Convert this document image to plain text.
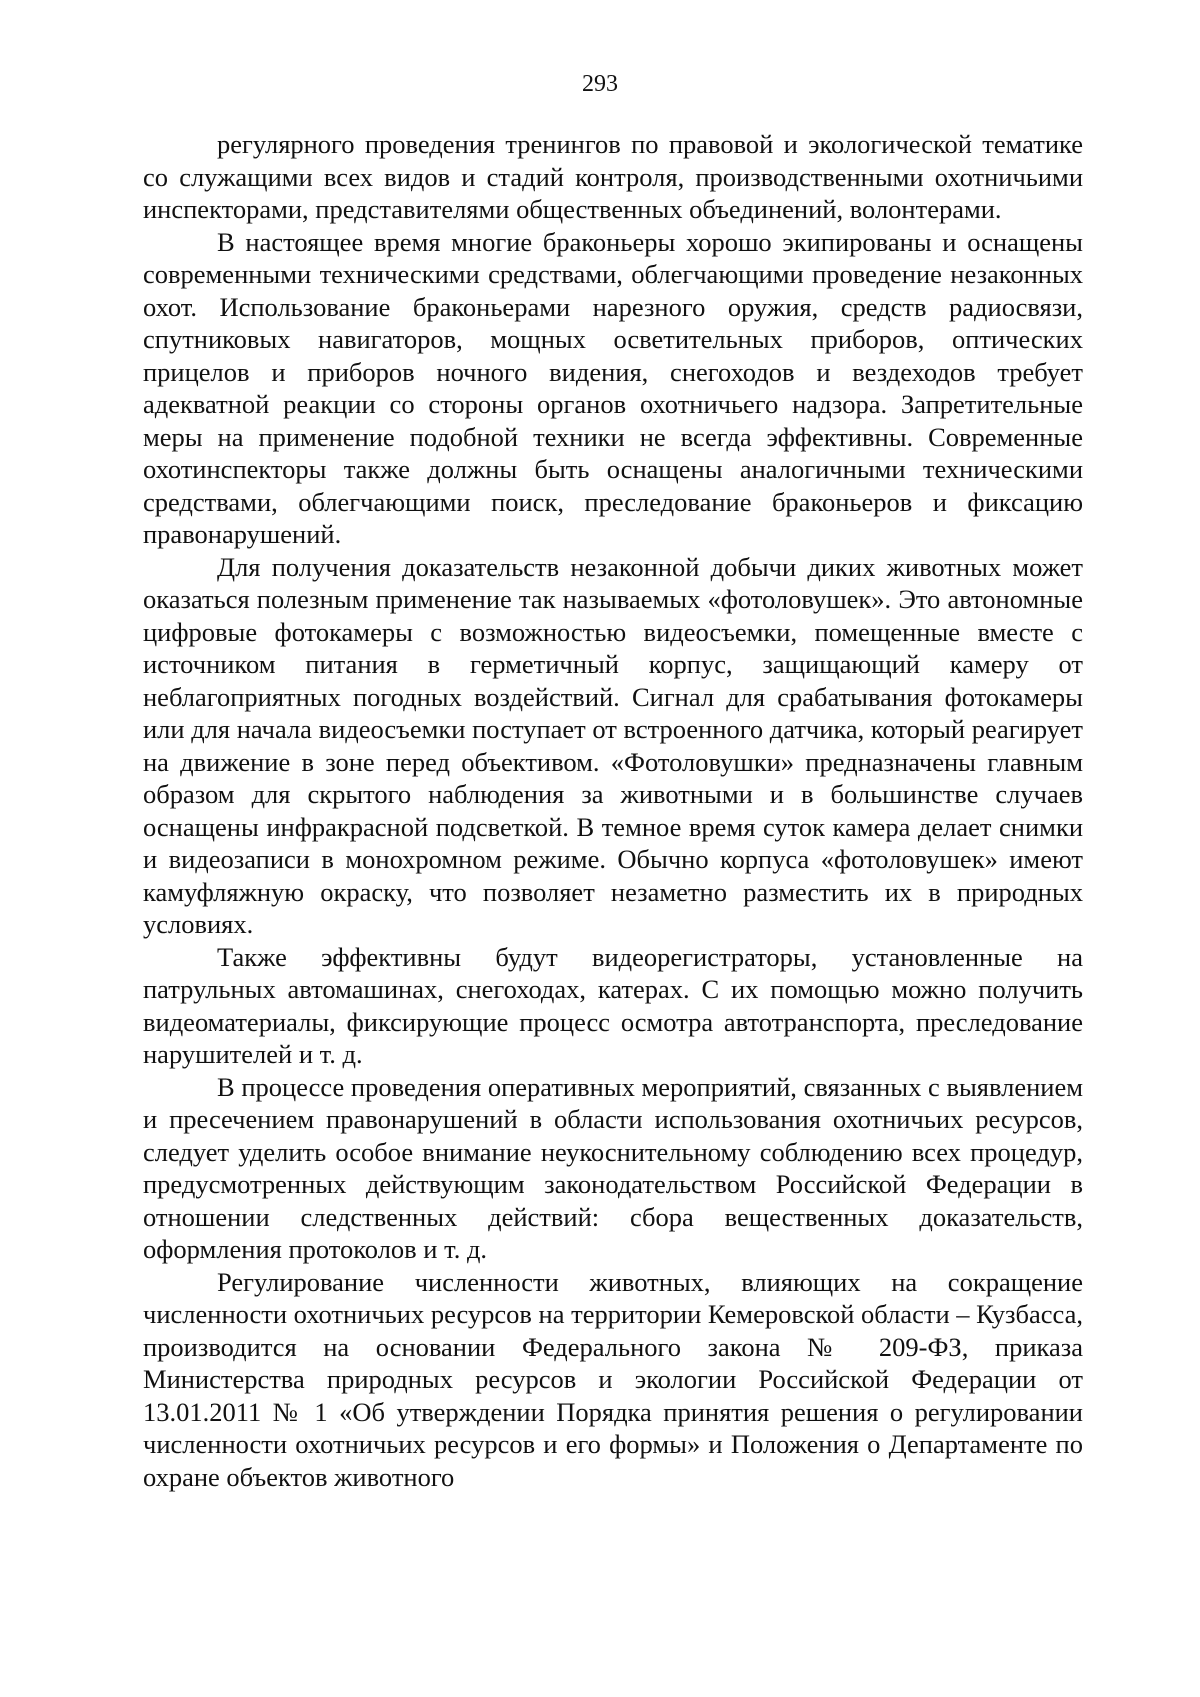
293

регулярного проведения тренингов по правовой и экологической тематике со служащими всех видов и стадий контроля, производственными охотничьими инспекторами, представителями общественных объединений, волонтерами.

В настоящее время многие браконьеры хорошо экипированы и оснащены современными техническими средствами, облегчающими проведение незаконных охот. Использование браконьерами нарезного оружия, средств радиосвязи, спутниковых навигаторов, мощных осветительных приборов, оптических прицелов и приборов ночного видения, снегоходов и вездеходов требует адекватной реакции со стороны органов охотничьего надзора. Запретительные меры на применение подобной техники не всегда эффективны. Современные охотинспекторы также должны быть оснащены аналогичными техническими средствами, облегчающими поиск, преследование браконьеров и фиксацию правонарушений.

Для получения доказательств незаконной добычи диких животных может оказаться полезным применение так называемых «фотоловушек». Это автономные цифровые фотокамеры с возможностью видеосъемки, помещенные вместе с источником питания в герметичный корпус, защищающий камеру от неблагоприятных погодных воздействий. Сигнал для срабатывания фотокамеры или для начала видеосъемки поступает от встроенного датчика, который реагирует на движение в зоне перед объективом. «Фотоловушки» предназначены главным образом для скрытого наблюдения за животными и в большинстве случаев оснащены инфракрасной подсветкой. В темное время суток камера делает снимки и видеозаписи в монохромном режиме. Обычно корпуса «фотоловушек» имеют камуфляжную окраску, что позволяет незаметно разместить их в природных условиях.

Также эффективны будут видеорегистраторы, установленные на патрульных автомашинах, снегоходах, катерах. С их помощью можно получить видеоматериалы, фиксирующие процесс осмотра автотранспорта, преследование нарушителей и т. д.

В процессе проведения оперативных мероприятий, связанных с выявлением и пресечением правонарушений в области использования охотничьих ресурсов, следует уделить особое внимание неукоснительному соблюдению всех процедур, предусмотренных действующим законодательством Российской Федерации в отношении следственных действий: сбора вещественных доказательств, оформления протоколов и т. д.

Регулирование численности животных, влияющих на сокращение численности охотничьих ресурсов на территории Кемеровской области – Кузбасса, производится на основании Федерального закона № 209-ФЗ, приказа Министерства природных ресурсов и экологии Российской Федерации от 13.01.2011 № 1 «Об утверждении Порядка принятия решения о регулировании численности охотничьих ресурсов и его формы» и Положения о Департаменте по охране объектов животного
